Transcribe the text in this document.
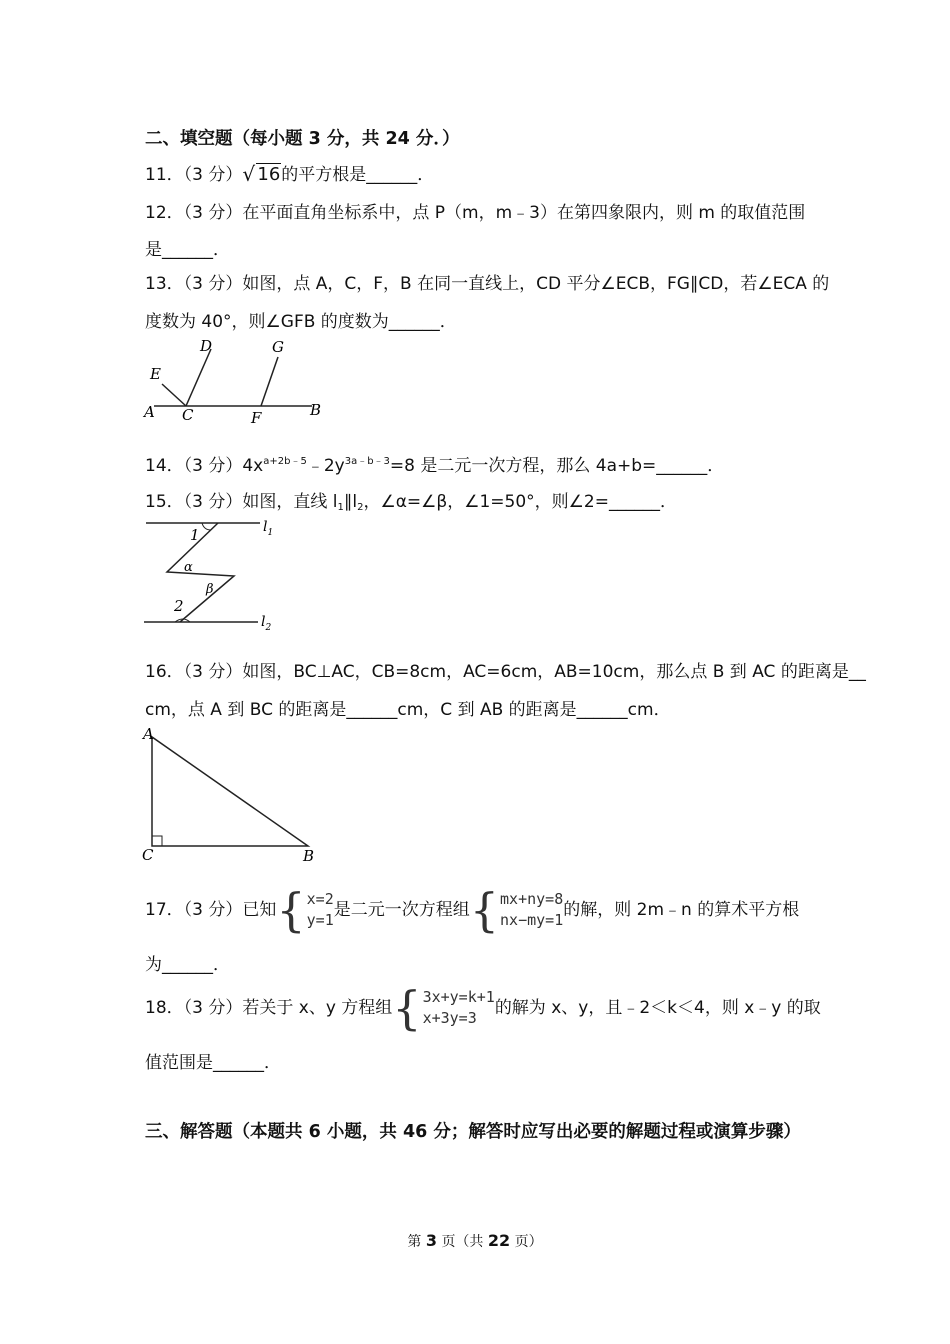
二、填空题（每小题 3 分，共 24 分．）
11．（3 分） √ 16的平方根是______．
12．（3 分）在平面直角坐标系中，点 P（m，m﹣3）在第四象限内，则 m 的取值范围
是______．
13．（3 分）如图，点 A，C，F，B 在同一直线上，CD 平分∠ECB，FG∥CD，若∠ECA 的
度数为 40°，则∠GFB 的度数为______．
A C	F	B
D
E
G
14．（3 分）$4x^{a+2b﹣5}﹣2y^{3a﹣b﹣3}=8$ 是二元一次方程，那么 4a+b=______．
15．（3 分）如图，直线 $l_1\parallel l_2$，∠α=∠β，∠1=50°，则∠2=______．
$l_1$
$l_2$
1
α
β
2
16．（3 分）如图，BC⊥AC，CB=8cm，AC=6cm，AB=10cm，那么点 B 到 AC 的距离是__
cm，点 A 到 BC 的距离是______cm，C 到 AB 的距离是______cm．
A
C	B
17．（3 分）已知 { x=2
y=1 是二元一次方程组 { mx+ny=8
nx−my=1 的解，则 2m﹣n 的算术平方根
为______．
18．（3 分）若关于 x、y 方程组 { 3x+y=k+1
x+3y=3	的解为 x、y，且﹣2＜k＜4，则 x﹣y 的取
值范围是______．
三、解答题（本题共 6 小题，共 46 分；解答时应写出必要的解题过程或演算步骤）
第 3 页（共 22 页）
